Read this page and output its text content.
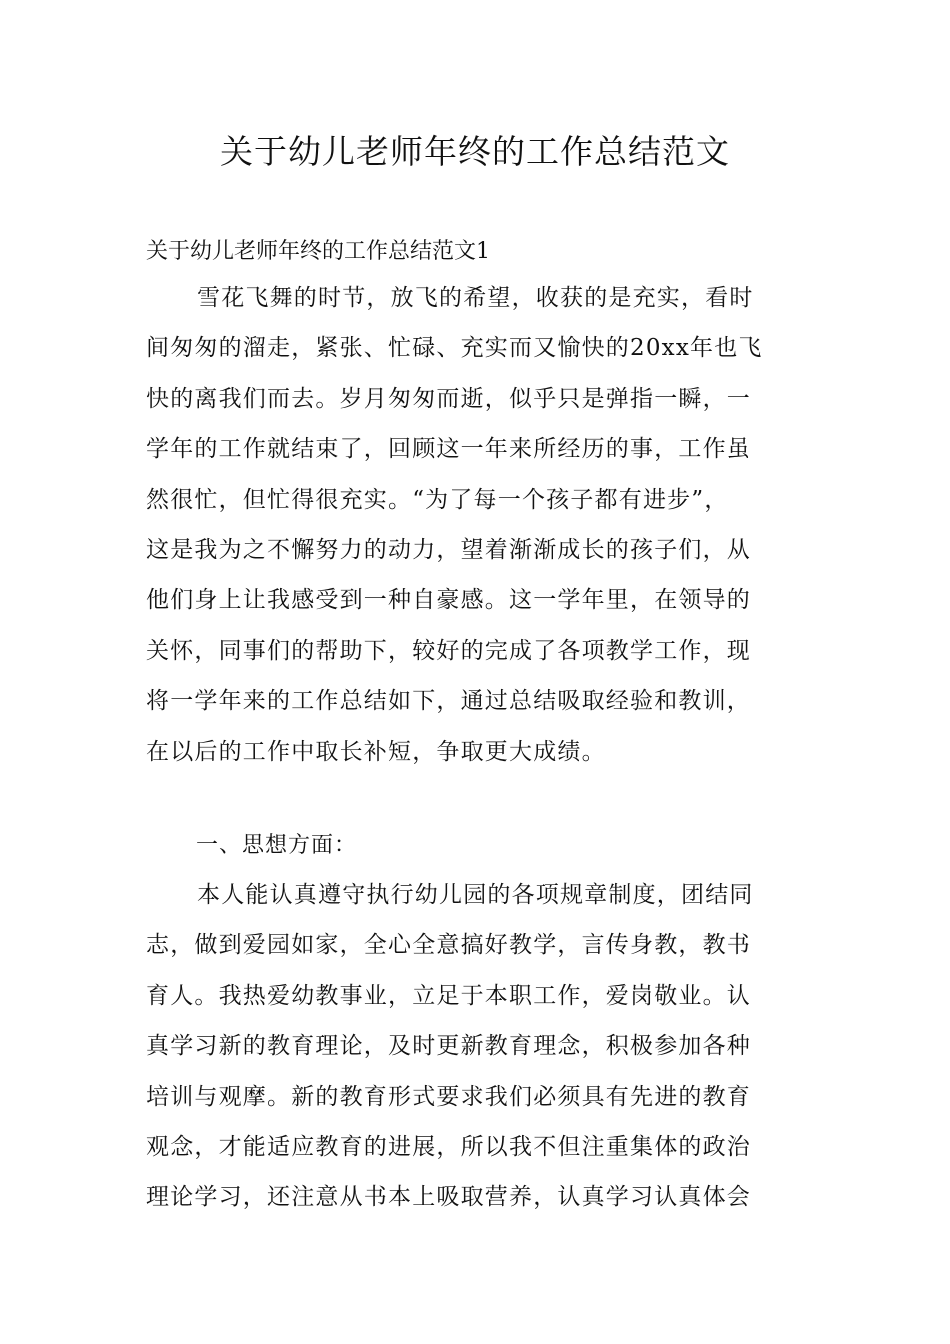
关于幼儿老师年终的工作总结范文

关于幼儿老师年终的工作总结范文1

雪花飞舞的时节，放飞的希望，收获的是充实，看时
间匆匆的溜走，紧张、忙碌、充实而又愉快的20xx年也飞
快的离我们而去。岁月匆匆而逝，似乎只是弹指一瞬，一
学年的工作就结束了，回顾这一年来所经历的事，工作虽
然很忙，但忙得很充实。“为了每一个孩子都有进步”，
这是我为之不懈努力的动力，望着渐渐成长的孩子们，从
他们身上让我感受到一种自豪感。这一学年里，在领导的
关怀，同事们的帮助下，较好的完成了各项教学工作，现
将一学年来的工作总结如下，通过总结吸取经验和教训，
在以后的工作中取长补短，争取更大成绩。

一、思想方面：

本人能认真遵守执行幼儿园的各项规章制度，团结同
志，做到爱园如家，全心全意搞好教学，言传身教，教书
育人。我热爱幼教事业，立足于本职工作，爱岗敬业。认
真学习新的教育理论，及时更新教育理念，积极参加各种
培训与观摩。新的教育形式要求我们必须具有先进的教育
观念，才能适应教育的进展，所以我不但注重集体的政治
理论学习，还注意从书本上吸取营养，认真学习认真体会
